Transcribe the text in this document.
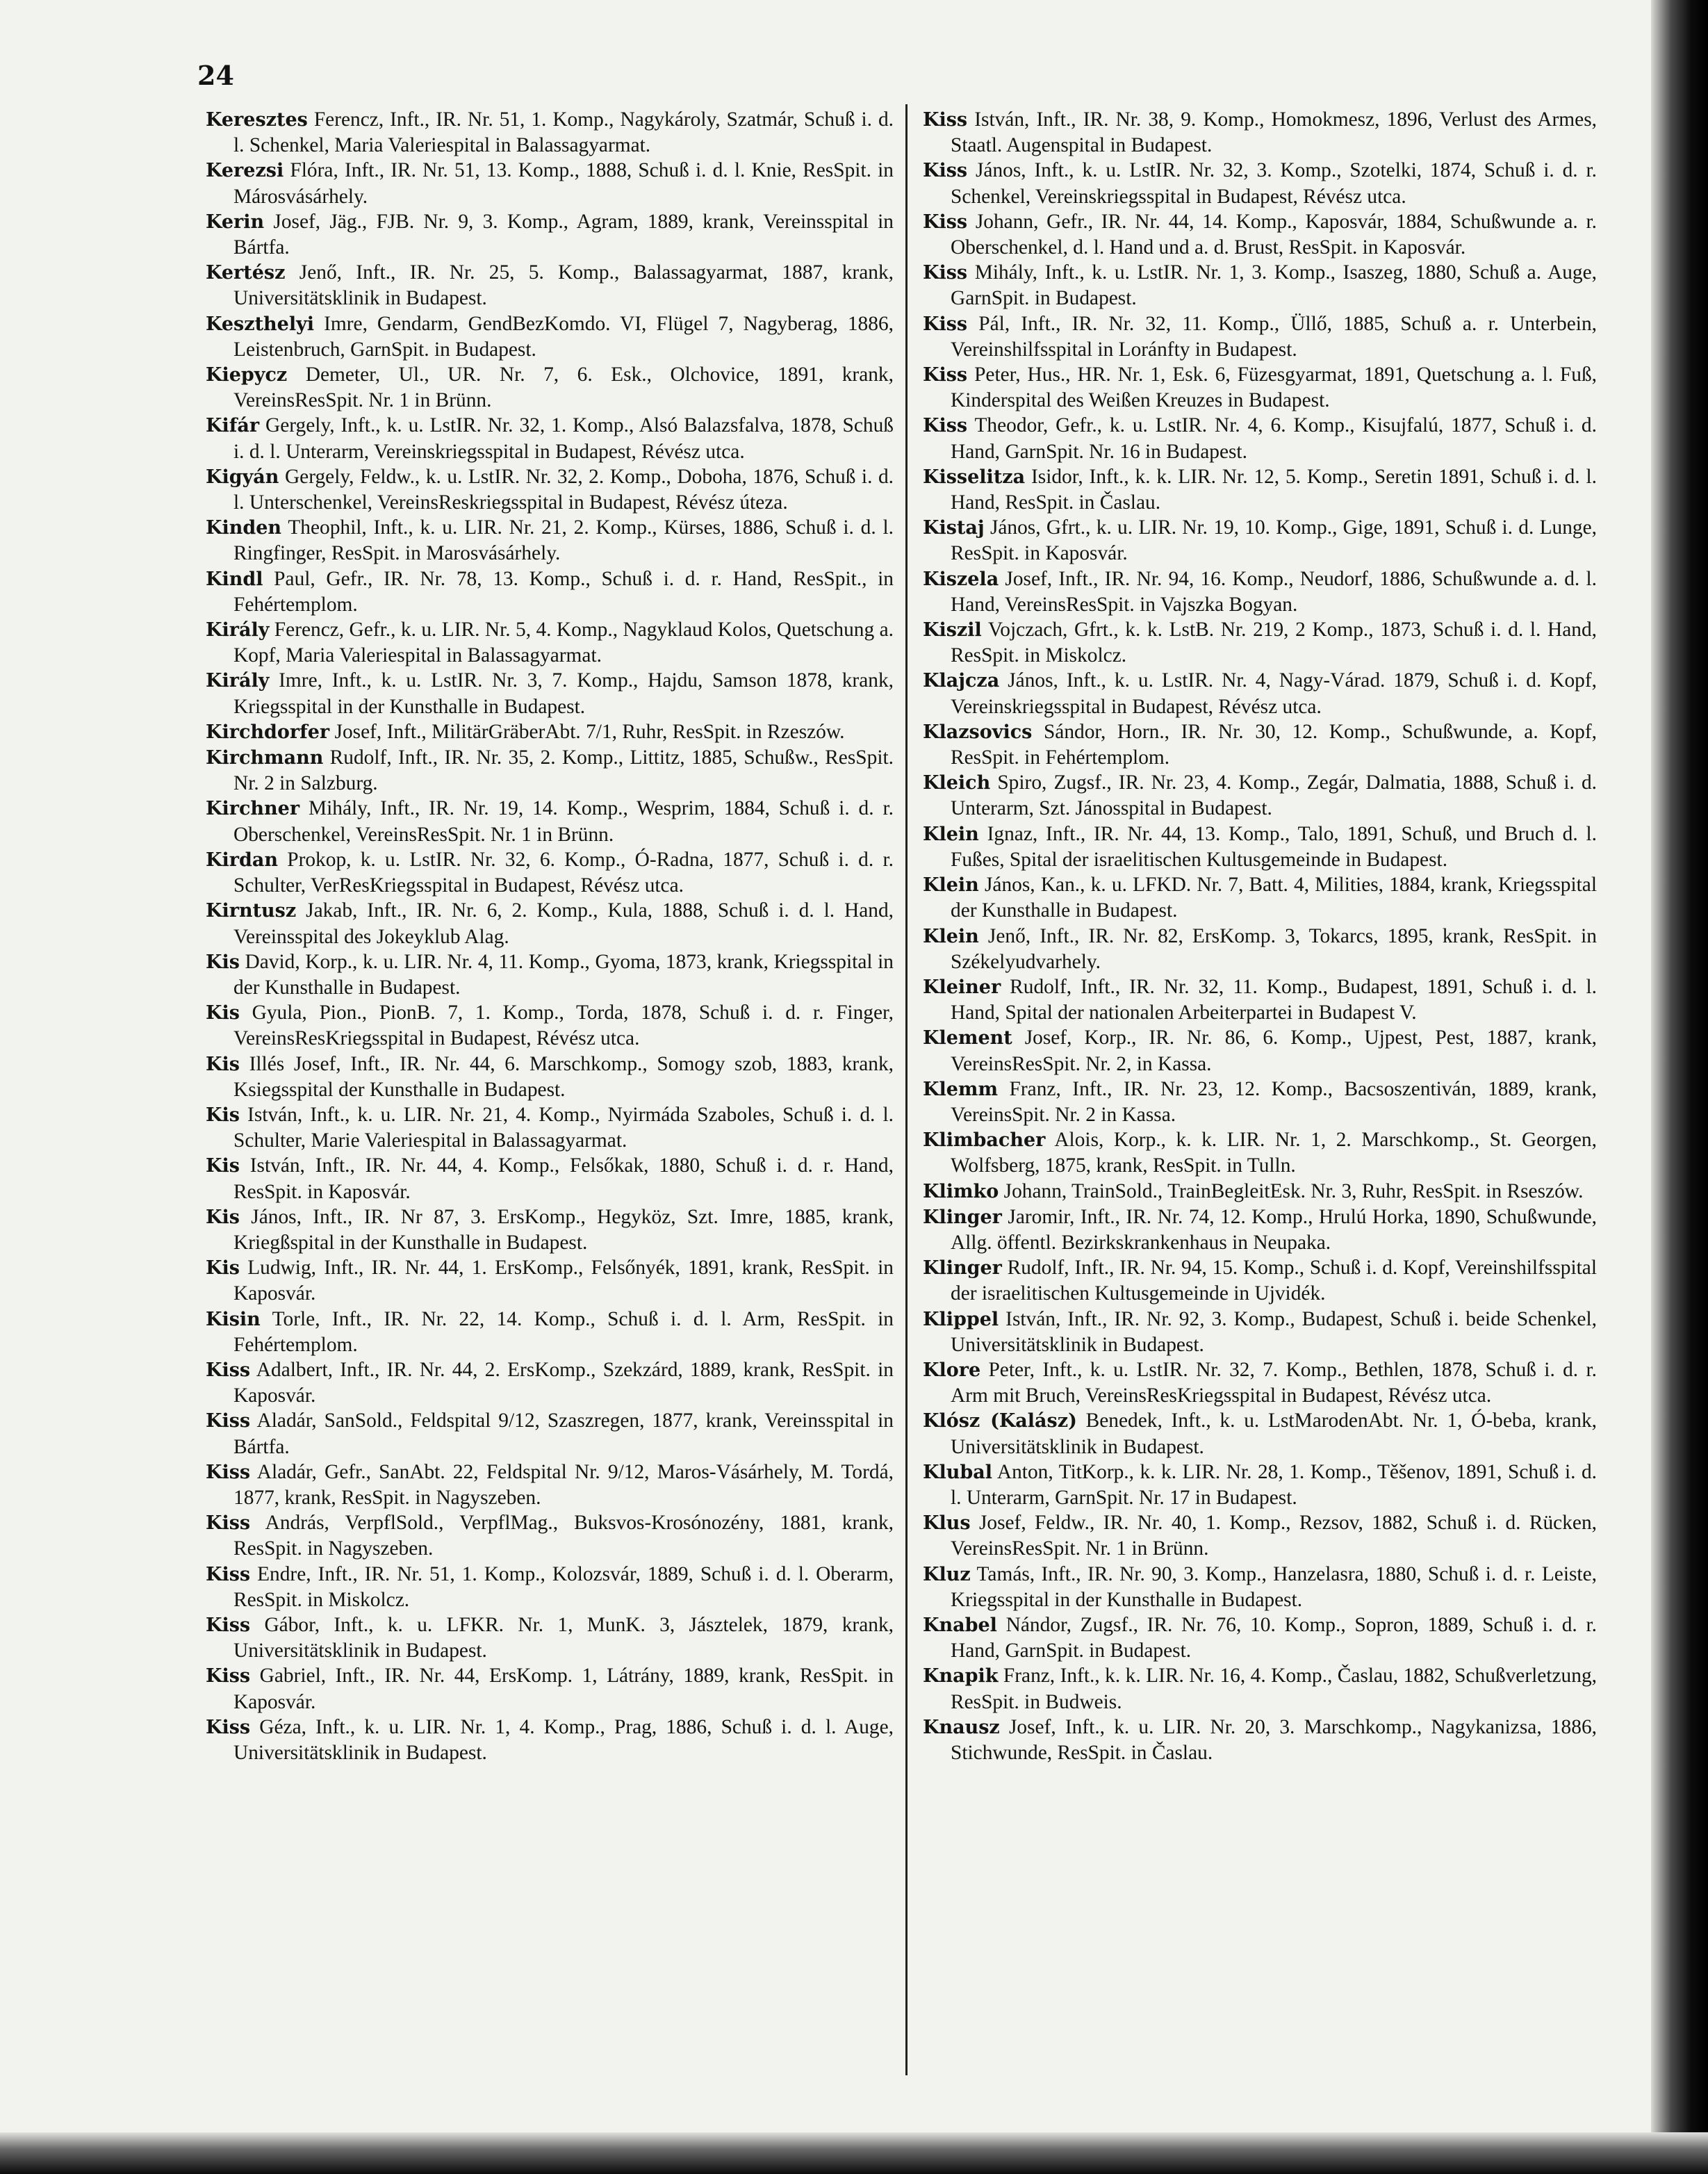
24

Keresztes Ferencz, Inft., IR. Nr. 51, 1. Komp., Nagykároly, Szatmár, Schuß i. d. l. Schenkel, Maria Valeriespital in Balassagyarmat.

Kerezsi Flóra, Inft., IR. Nr. 51, 13. Komp., 1888, Schuß i. d. l. Knie, ResSpit. in Márosvásárhely.

Kerin Josef, Jäg., FJB. Nr. 9, 3. Komp., Agram, 1889, krank, Vereinsspital in Bártfa.

Kertész Jenő, Inft., IR. Nr. 25, 5. Komp., Balassagyarmat, 1887, krank, Universitätsklinik in Budapest.

Keszthelyi Imre, Gendarm, GendBezKomdo. VI, Flügel 7, Nagyberag, 1886, Leistenbruch, GarnSpit. in Budapest.

Kiepycz Demeter, Ul., UR. Nr. 7, 6. Esk., Olchovice, 1891, krank, VereinsResSpit. Nr. 1 in Brünn.

Kifár Gergely, Inft., k. u. LstIR. Nr. 32, 1. Komp., Alsó Balazsfalva, 1878, Schuß i. d. l. Unterarm, Vereinskriegsspital in Budapest, Révész utca.

Kigyán Gergely, Feldw., k. u. LstIR. Nr. 32, 2. Komp., Doboha, 1876, Schuß i. d. l. Unterschenkel, VereinsReskriegsspital in Budapest, Révész úteza.

Kinden Theophil, Inft., k. u. LIR. Nr. 21, 2. Komp., Kürses, 1886, Schuß i. d. l. Ringfinger, ResSpit. in Marosvásárhely.

Kindl Paul, Gefr., IR. Nr. 78, 13. Komp., Schuß i. d. r. Hand, ResSpit., in Fehértemplom.

Király Ferencz, Gefr., k. u. LIR. Nr. 5, 4. Komp., Nagyklaud Kolos, Quetschung a. Kopf, Maria Valeriespital in Balassagyarmat.

Király Imre, Inft., k. u. LstIR. Nr. 3, 7. Komp., Hajdu, Samson 1878, krank, Kriegsspital in der Kunsthalle in Budapest.

Kirchdorfer Josef, Inft., MilitärGräberAbt. 7/1, Ruhr, ResSpit. in Rzeszów.

Kirchmann Rudolf, Inft., IR. Nr. 35, 2. Komp., Littitz, 1885, Schußw., ResSpit. Nr. 2 in Salzburg.

Kirchner Mihály, Inft., IR. Nr. 19, 14. Komp., Wesprim, 1884, Schuß i. d. r. Oberschenkel, VereinsResSpit. Nr. 1 in Brünn.

Kirdan Prokop, k. u. LstIR. Nr. 32, 6. Komp., Ó-Radna, 1877, Schuß i. d. r. Schulter, VerResKriegsspital in Budapest, Révész utca.

Kirntusz Jakab, Inft., IR. Nr. 6, 2. Komp., Kula, 1888, Schuß i. d. l. Hand, Vereinsspital des Jokeyklub Alag.

Kis David, Korp., k. u. LIR. Nr. 4, 11. Komp., Gyoma, 1873, krank, Kriegsspital in der Kunsthalle in Budapest.

Kis Gyula, Pion., PionB. 7, 1. Komp., Torda, 1878, Schuß i. d. r. Finger, VereinsResKriegsspital in Budapest, Révész utca.

Kis Illés Josef, Inft., IR. Nr. 44, 6. Marschkomp., Somogy szob, 1883, krank, Ksiegsspital der Kunsthalle in Budapest.

Kis István, Inft., k. u. LIR. Nr. 21, 4. Komp., Nyirmáda Szaboles, Schuß i. d. l. Schulter, Marie Valeriespital in Balassagyarmat.

Kis István, Inft., IR. Nr. 44, 4. Komp., Felsőkak, 1880, Schuß i. d. r. Hand, ResSpit. in Kaposvár.

Kis János, Inft., IR. Nr 87, 3. ErsKomp., Hegyköz, Szt. Imre, 1885, krank, Kriegßspital in der Kunsthalle in Budapest.

Kis Ludwig, Inft., IR. Nr. 44, 1. ErsKomp., Felsőnyék, 1891, krank, ResSpit. in Kaposvár.

Kisin Torle, Inft., IR. Nr. 22, 14. Komp., Schuß i. d. l. Arm, ResSpit. in Fehértemplom.

Kiss Adalbert, Inft., IR. Nr. 44, 2. ErsKomp., Szekzárd, 1889, krank, ResSpit. in Kaposvár.

Kiss Aladár, SanSold., Feldspital 9/12, Szaszregen, 1877, krank, Vereinsspital in Bártfa.

Kiss Aladár, Gefr., SanAbt. 22, Feldspital Nr. 9/12, Maros-Vásárhely, M. Tordá, 1877, krank, ResSpit. in Nagyszeben.

Kiss András, VerpflSold., VerpflMag., Buksvos-Krosónozény, 1881, krank, ResSpit. in Nagyszeben.

Kiss Endre, Inft., IR. Nr. 51, 1. Komp., Kolozsvár, 1889, Schuß i. d. l. Oberarm, ResSpit. in Miskolcz.

Kiss Gábor, Inft., k. u. LFKR. Nr. 1, MunK. 3, Jásztelek, 1879, krank, Universitätsklinik in Budapest.

Kiss Gabriel, Inft., IR. Nr. 44, ErsKomp. 1, Látrány, 1889, krank, ResSpit. in Kaposvár.

Kiss Géza, Inft., k. u. LIR. Nr. 1, 4. Komp., Prag, 1886, Schuß i. d. l. Auge, Universitätsklinik in Budapest.

Kiss István, Inft., IR. Nr. 38, 9. Komp., Homokmesz, 1896, Verlust des Armes, Staatl. Augenspital in Budapest.

Kiss János, Inft., k. u. LstIR. Nr. 32, 3. Komp., Szotelki, 1874, Schuß i. d. r. Schenkel, Vereinskriegsspital in Budapest, Révész utca.

Kiss Johann, Gefr., IR. Nr. 44, 14. Komp., Kaposvár, 1884, Schußwunde a. r. Oberschenkel, d. l. Hand und a. d. Brust, ResSpit. in Kaposvár.

Kiss Mihály, Inft., k. u. LstIR. Nr. 1, 3. Komp., Isaszeg, 1880, Schuß a. Auge, GarnSpit. in Budapest.

Kiss Pál, Inft., IR. Nr. 32, 11. Komp., Üllő, 1885, Schuß a. r. Unterbein, Vereinshilfsspital in Loránfty in Budapest.

Kiss Peter, Hus., HR. Nr. 1, Esk. 6, Füzesgyarmat, 1891, Quetschung a. l. Fuß, Kinderspital des Weißen Kreuzes in Budapest.

Kiss Theodor, Gefr., k. u. LstIR. Nr. 4, 6. Komp., Kisujfalú, 1877, Schuß i. d. Hand, GarnSpit. Nr. 16 in Budapest.

Kisselitza Isidor, Inft., k. k. LIR. Nr. 12, 5. Komp., Seretin 1891, Schuß i. d. l. Hand, ResSpit. in Časlau.

Kistaj János, Gfrt., k. u. LIR. Nr. 19, 10. Komp., Gige, 1891, Schuß i. d. Lunge, ResSpit. in Kaposvár.

Kiszela Josef, Inft., IR. Nr. 94, 16. Komp., Neudorf, 1886, Schußwunde a. d. l. Hand, VereinsResSpit. in Vajszka Bogyan.

Kiszil Vojczach, Gfrt., k. k. LstB. Nr. 219, 2 Komp., 1873, Schuß i. d. l. Hand, ResSpit. in Miskolcz.

Klajcza János, Inft., k. u. LstIR. Nr. 4, Nagy-Várad. 1879, Schuß i. d. Kopf, Vereinskriegsspital in Budapest, Révész utca.

Klazsovics Sándor, Horn., IR. Nr. 30, 12. Komp., Schußwunde, a. Kopf, ResSpit. in Fehértemplom.

Kleich Spiro, Zugsf., IR. Nr. 23, 4. Komp., Zegár, Dalmatia, 1888, Schuß i. d. Unterarm, Szt. Jánosspital in Budapest.

Klein Ignaz, Inft., IR. Nr. 44, 13. Komp., Talo, 1891, Schuß, und Bruch d. l. Fußes, Spital der israelitischen Kultusgemeinde in Budapest.

Klein János, Kan., k. u. LFKD. Nr. 7, Batt. 4, Milities, 1884, krank, Kriegsspital der Kunsthalle in Budapest.

Klein Jenő, Inft., IR. Nr. 82, ErsKomp. 3, Tokarcs, 1895, krank, ResSpit. in Székelyudvarhely.

Kleiner Rudolf, Inft., IR. Nr. 32, 11. Komp., Budapest, 1891, Schuß i. d. l. Hand, Spital der nationalen Arbeiterpartei in Budapest V.

Klement Josef, Korp., IR. Nr. 86, 6. Komp., Ujpest, Pest, 1887, krank, VereinsResSpit. Nr. 2, in Kassa.

Klemm Franz, Inft., IR. Nr. 23, 12. Komp., Bacsoszentiván, 1889, krank, VereinsSpit. Nr. 2 in Kassa.

Klimbacher Alois, Korp., k. k. LIR. Nr. 1, 2. Marschkomp., St. Georgen, Wolfsberg, 1875, krank, ResSpit. in Tulln.

Klimko Johann, TrainSold., TrainBegleitEsk. Nr. 3, Ruhr, ResSpit. in Rseszów.

Klinger Jaromir, Inft., IR. Nr. 74, 12. Komp., Hrulú Horka, 1890, Schußwunde, Allg. öffentl. Bezirkskrankenhaus in Neupaka.

Klinger Rudolf, Inft., IR. Nr. 94, 15. Komp., Schuß i. d. Kopf, Vereinshilfsspital der israelitischen Kultusgemeinde in Ujvidék.

Klippel István, Inft., IR. Nr. 92, 3. Komp., Budapest, Schuß i. beide Schenkel, Universitätsklinik in Budapest.

Klore Peter, Inft., k. u. LstIR. Nr. 32, 7. Komp., Bethlen, 1878, Schuß i. d. r. Arm mit Bruch, VereinsResKriegsspital in Budapest, Révész utca.

Klósz (Kalász) Benedek, Inft., k. u. LstMarodenAbt. Nr. 1, Ó-beba, krank, Universitätsklinik in Budapest.

Klubal Anton, TitKorp., k. k. LIR. Nr. 28, 1. Komp., Těšenov, 1891, Schuß i. d. l. Unterarm, GarnSpit. Nr. 17 in Budapest.

Klus Josef, Feldw., IR. Nr. 40, 1. Komp., Rezsov, 1882, Schuß i. d. Rücken, VereinsResSpit. Nr. 1 in Brünn.

Kluz Tamás, Inft., IR. Nr. 90, 3. Komp., Hanzelasra, 1880, Schuß i. d. r. Leiste, Kriegsspital in der Kunsthalle in Budapest.

Knabel Nándor, Zugsf., IR. Nr. 76, 10. Komp., Sopron, 1889, Schuß i. d. r. Hand, GarnSpit. in Budapest.

Knapik Franz, Inft., k. k. LIR. Nr. 16, 4. Komp., Časlau, 1882, Schußverletzung, ResSpit. in Budweis.

Knausz Josef, Inft., k. u. LIR. Nr. 20, 3. Marschkomp., Nagykanizsa, 1886, Stichwunde, ResSpit. in Časlau.
